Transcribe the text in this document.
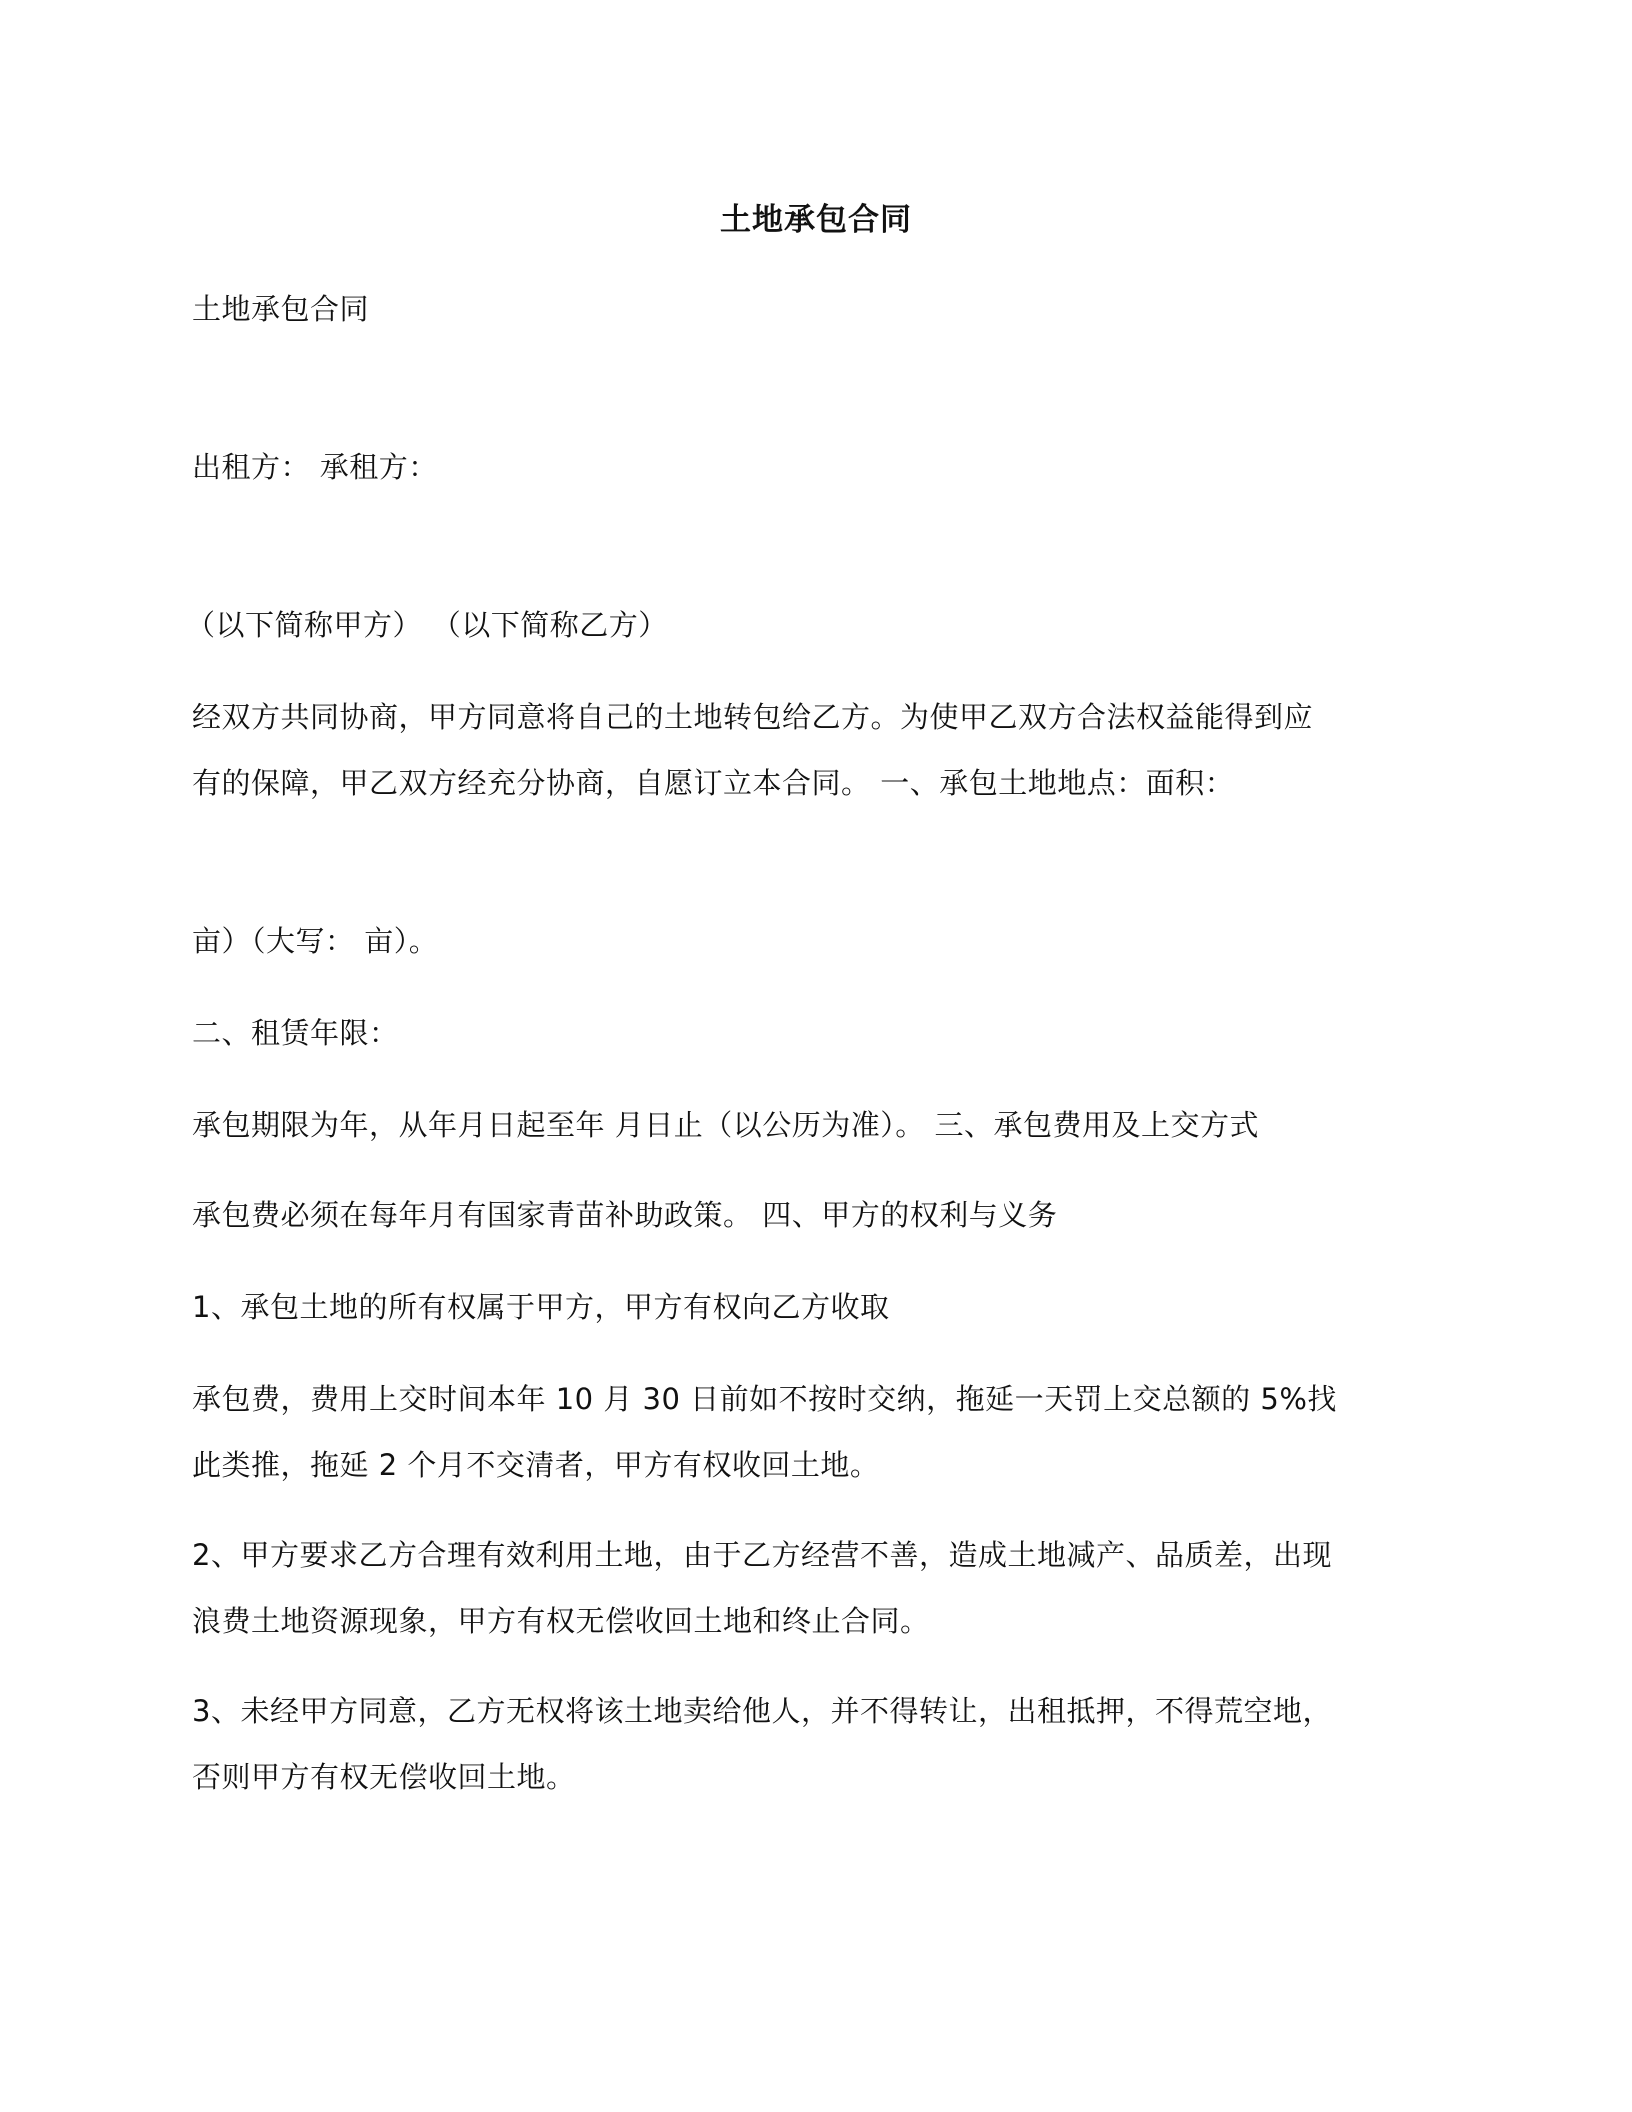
土地承包合同
土地承包合同
出租方： 承租方：
（以下简称甲方） （以下简称乙方）
经双方共同协商，甲方同意将自己的土地转包给乙方。为使甲乙双方合法权益能得到应
有的保障，甲乙双方经充分协商，自愿订立本合同。 一、承包土地地点：面积：
亩）（大写： 亩）。
二、租赁年限：
承包期限为年，从年月日起至年 月日止（以公历为准）。 三、承包费用及上交方式
承包费必须在每年月有国家青苗补助政策。 四、甲方的权利与义务
1、承包土地的所有权属于甲方，甲方有权向乙方收取
承包费，费用上交时间本年 10 月 30 日前如不按时交纳，拖延一天罚上交总额的 5%找
此类推，拖延 2 个月不交清者，甲方有权收回土地。
2、甲方要求乙方合理有效利用土地，由于乙方经营不善，造成土地减产、品质差，出现
浪费土地资源现象，甲方有权无偿收回土地和终止合同。
3、未经甲方同意，乙方无权将该土地卖给他人，并不得转让，出租抵押，不得荒空地，
否则甲方有权无偿收回土地。
